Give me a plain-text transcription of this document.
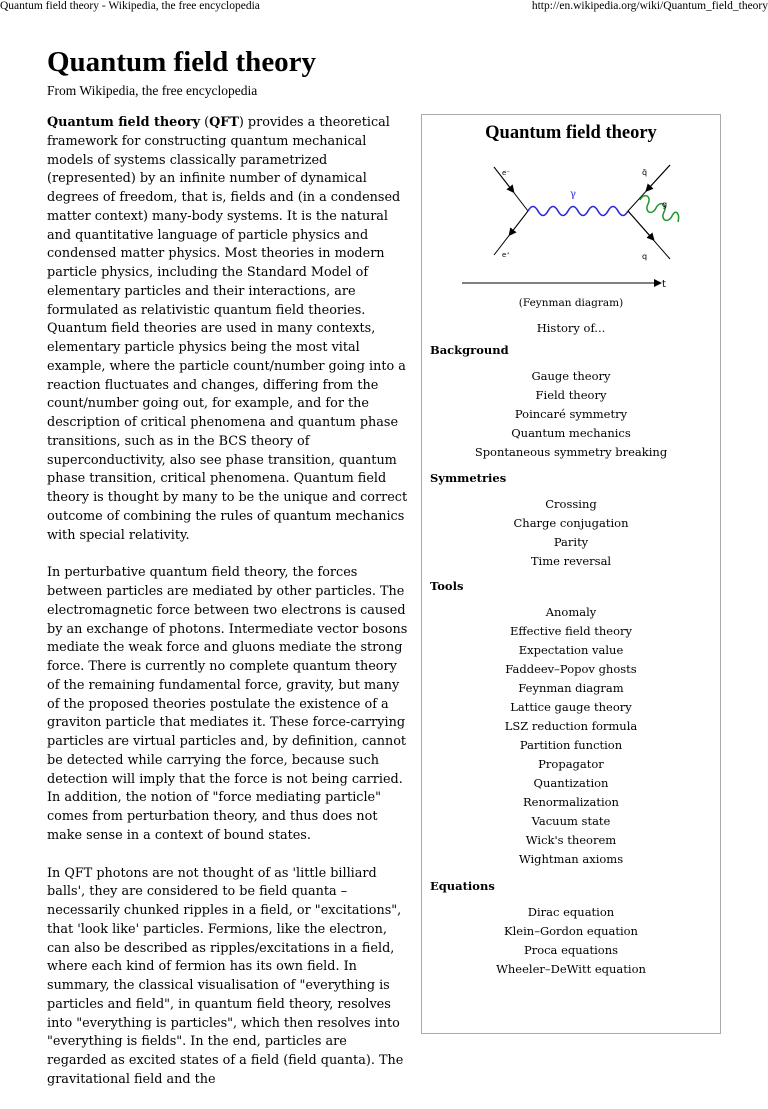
Quantum field theory - Wikipedia, the free encyclopedia	http://en.wikipedia.org/wiki/Quantum_field_theory
Quantum field theory
From Wikipedia, the free encyclopedia

Quantum field theory (QFT) provides a theoretical framework for constructing quantum mechanical models of systems classically parametrized (represented) by an infinite number of dynamical degrees of freedom, that is, fields and (in a condensed matter context) many-body systems. It is the natural and quantitative language of particle physics and condensed matter physics. Most theories in modern particle physics, including the Standard Model of elementary particles and their interactions, are formulated as relativistic quantum field theories. Quantum field theories are used in many contexts, elementary particle physics being the most vital example, where the particle count/number going into a reaction fluctuates and changes, differing from the count/number going out, for example, and for the description of critical phenomena and quantum phase transitions, such as in the BCS theory of superconductivity, also see phase transition, quantum phase transition, critical phenomena. Quantum field theory is thought by many to be the unique and correct outcome of combining the rules of quantum mechanics with special relativity.

In perturbative quantum field theory, the forces between particles are mediated by other particles. The electromagnetic force between two electrons is caused by an exchange of photons. Intermediate vector bosons mediate the weak force and gluons mediate the strong force. There is currently no complete quantum theory of the remaining fundamental force, gravity, but many of the proposed theories postulate the existence of a graviton particle that mediates it. These force-carrying particles are virtual particles and, by definition, cannot be detected while carrying the force, because such detection will imply that the force is not being carried. In addition, the notion of "force mediating particle" comes from perturbation theory, and thus does not make sense in a context of bound states.

In QFT photons are not thought of as 'little billiard balls', they are considered to be field quanta – necessarily chunked ripples in a field, or "excitations", that 'look like' particles. Fermions, like the electron, can also be described as ripples/excitations in a field, where each kind of fermion has its own field. In summary, the classical visualisation of "everything is particles and field", in quantum field theory, resolves into "everything is particles", which then resolves into "everything is fields". In the end, particles are regarded as excited states of a field (field quanta). The gravitational field and the

Quantum field theory
e⁻
e⁺
γ
q̄
g
q
t
(Feynman diagram)
History of...
Background
Gauge theory
Field theory
Poincaré symmetry
Quantum mechanics
Spontaneous symmetry breaking
Symmetries
Crossing
Charge conjugation
Parity
Time reversal
Tools
Anomaly
Effective field theory
Expectation value
Faddeev–Popov ghosts
Feynman diagram
Lattice gauge theory
LSZ reduction formula
Partition function
Propagator
Quantization
Renormalization
Vacuum state
Wick's theorem
Wightman axioms
Equations
Dirac equation
Klein–Gordon equation
Proca equations
Wheeler–DeWitt equation
